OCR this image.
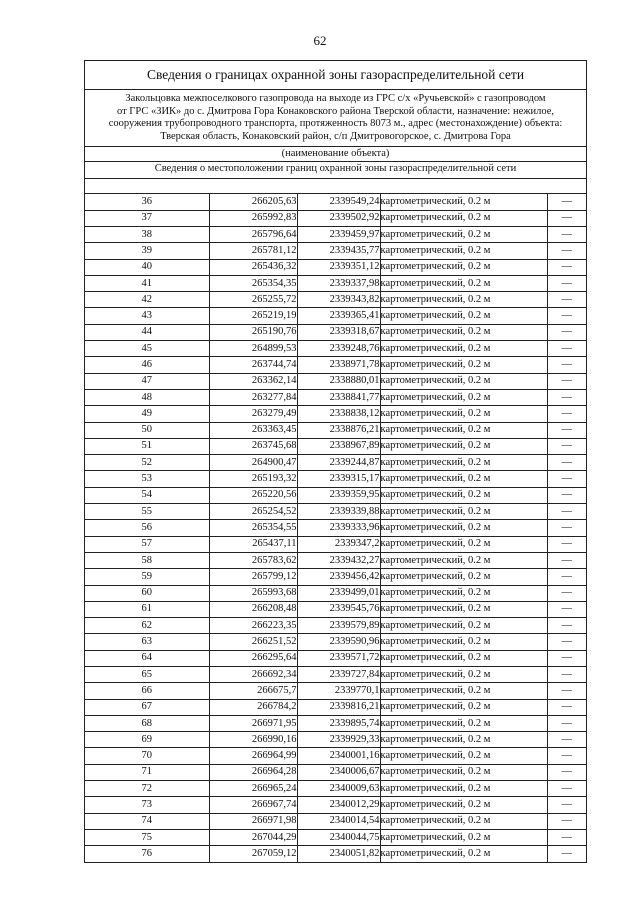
62
Сведения о границах охранной зоны газораспределительной сети
Закольцовка межпоселкового газопровода на выходе из ГРС с/х «Ручьевской» с газопроводом
от ГРС «ЗИК» до с. Дмитрова Гора Конаковского района Тверской области, назначение: нежилое,
сооружения трубопроводного транспорта, протяженность 8073 м., адрес (местонахождение) объекта:
Тверская область, Конаковский район, с/п Дмитровогорское, с. Дмитрова Гора
(наименование объекта)
Сведения о местоположении границ охранной зоны газораспределительной сети
36	266205,63	2339549,24	картометрический, 0.2 м	—
37	265992,83	2339502,92	картометрический, 0.2 м	—
38	265796,64	2339459,97	картометрический, 0.2 м	—
39	265781,12	2339435,77	картометрический, 0.2 м	—
40	265436,32	2339351,12	картометрический, 0.2 м	—
41	265354,35	2339337,98	картометрический, 0.2 м	—
42	265255,72	2339343,82	картометрический, 0.2 м	—
43	265219,19	2339365,41	картометрический, 0.2 м	—
44	265190,76	2339318,67	картометрический, 0.2 м	—
45	264899,53	2339248,76	картометрический, 0.2 м	—
46	263744,74	2338971,78	картометрический, 0.2 м	—
47	263362,14	2338880,01	картометрический, 0.2 м	—
48	263277,84	2338841,77	картометрический, 0.2 м	—
49	263279,49	2338838,12	картометрический, 0.2 м	—
50	263363,45	2338876,21	картометрический, 0.2 м	—
51	263745,68	2338967,89	картометрический, 0.2 м	—
52	264900,47	2339244,87	картометрический, 0.2 м	—
53	265193,32	2339315,17	картометрический, 0.2 м	—
54	265220,56	2339359,95	картометрический, 0.2 м	—
55	265254,52	2339339,88	картометрический, 0.2 м	—
56	265354,55	2339333,96	картометрический, 0.2 м	—
57	265437,11	2339347,2	картометрический, 0.2 м	—
58	265783,62	2339432,27	картометрический, 0.2 м	—
59	265799,12	2339456,42	картометрический, 0.2 м	—
60	265993,68	2339499,01	картометрический, 0.2 м	—
61	266208,48	2339545,76	картометрический, 0.2 м	—
62	266223,35	2339579,89	картометрический, 0.2 м	—
63	266251,52	2339590,96	картометрический, 0.2 м	—
64	266295,64	2339571,72	картометрический, 0.2 м	—
65	266692,34	2339727,84	картометрический, 0.2 м	—
66	266675,7	2339770,1	картометрический, 0.2 м	—
67	266784,2	2339816,21	картометрический, 0.2 м	—
68	266971,95	2339895,74	картометрический, 0.2 м	—
69	266990,16	2339929,33	картометрический, 0.2 м	—
70	266964,99	2340001,16	картометрический, 0.2 м	—
71	266964,28	2340006,67	картометрический, 0.2 м	—
72	266965,24	2340009,63	картометрический, 0.2 м	—
73	266967,74	2340012,29	картометрический, 0.2 м	—
74	266971,98	2340014,54	картометрический, 0.2 м	—
75	267044,29	2340044,75	картометрический, 0.2 м	—
76	267059,12	2340051,82	картометрический, 0.2 м	—
